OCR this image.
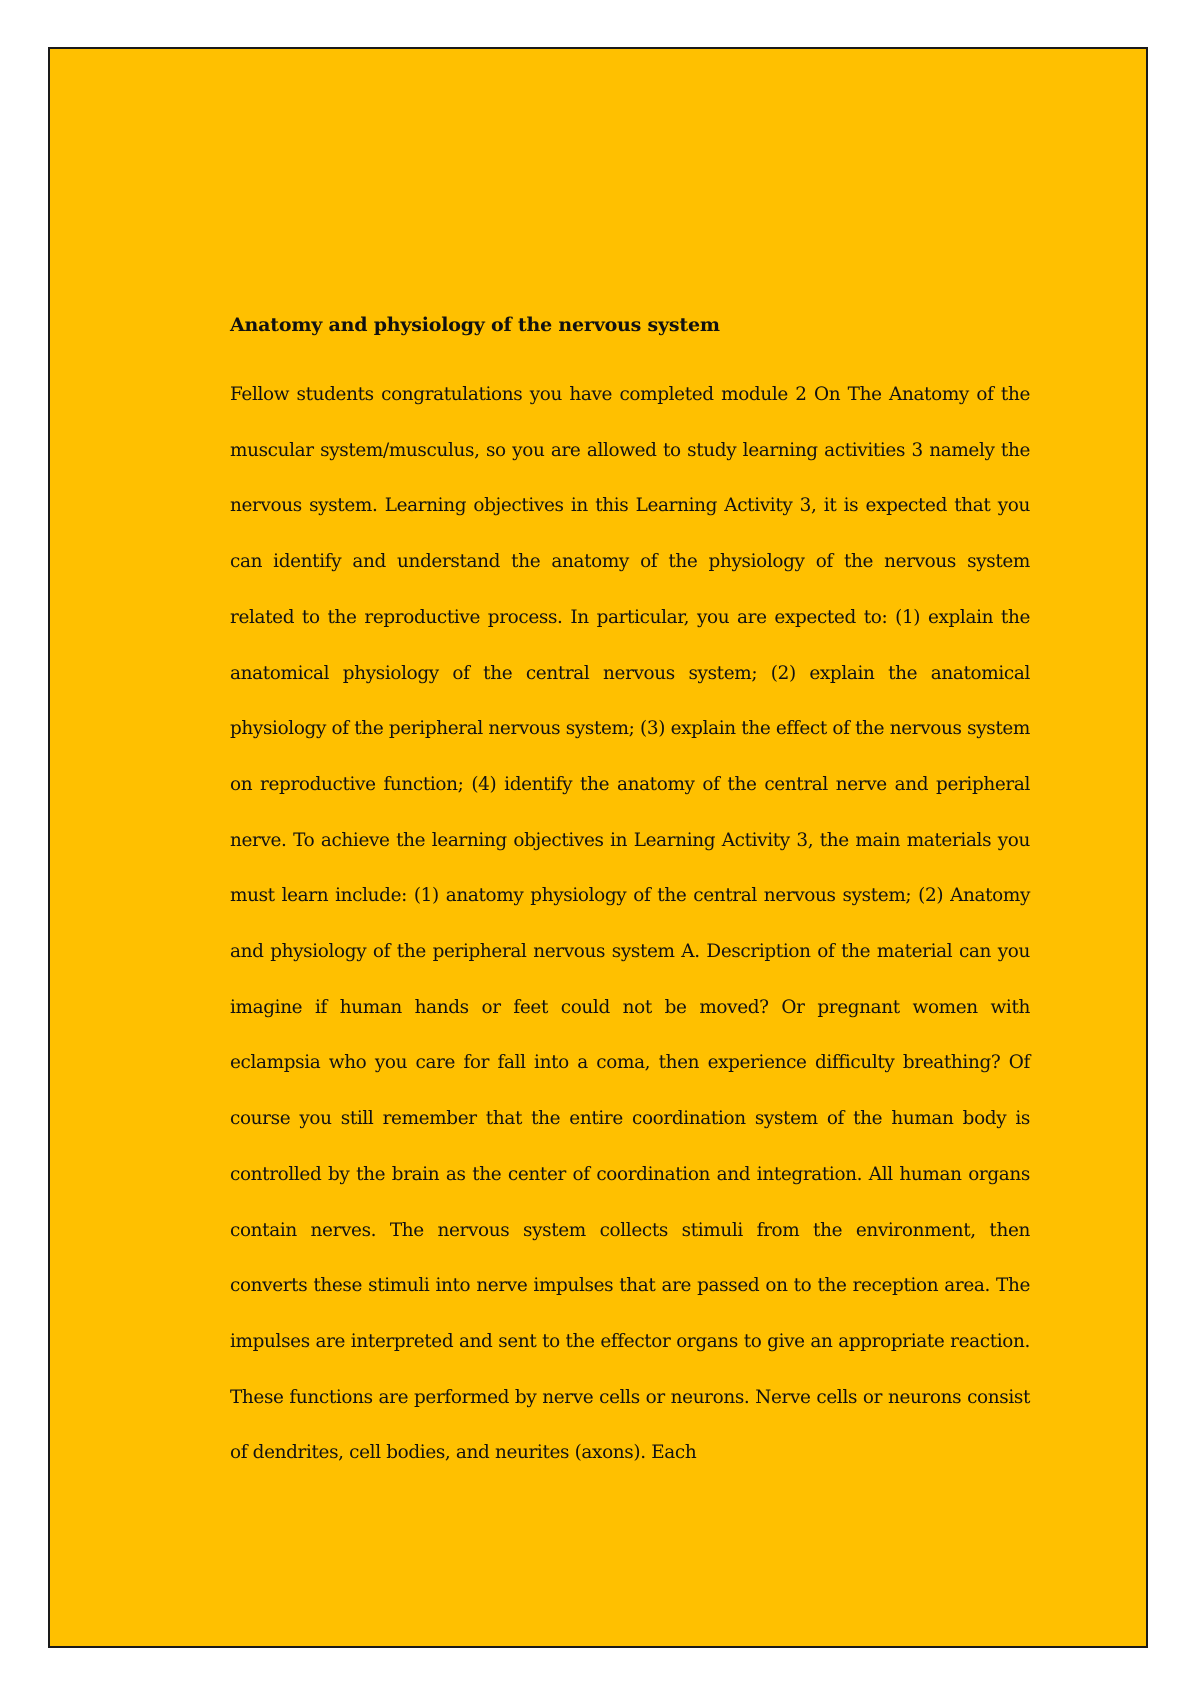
Anatomy and physiology of the nervous system

Fellow students congratulations you have completed module 2 On The Anatomy of the muscular system/musculus, so you are allowed to study learning activities 3 namely the nervous system. Learning objectives in this Learning Activity 3, it is expected that you can identify and understand the anatomy of the physiology of the nervous system related to the reproductive process. In particular, you are expected to: (1) explain the anatomical physiology of the central nervous system; (2) explain the anatomical physiology of the peripheral nervous system; (3) explain the effect of the nervous system on reproductive function; (4) identify the anatomy of the central nerve and peripheral nerve. To achieve the learning objectives in Learning Activity 3, the main materials you must learn include: (1) anatomy physiology of the central nervous system; (2) Anatomy and physiology of the peripheral nervous system A. Description of the material can you imagine if human hands or feet could not be moved? Or pregnant women with eclampsia who you care for fall into a coma, then experience difficulty breathing? Of course you still remember that the entire coordination system of the human body is controlled by the brain as the center of coordination and integration. All human organs contain nerves. The nervous system collects stimuli from the environment, then converts these stimuli into nerve impulses that are passed on to the reception area. The impulses are interpreted and sent to the effector organs to give an appropriate reaction. These functions are performed by nerve cells or neurons. Nerve cells or neurons consist of dendrites, cell bodies, and neurites (axons). Each
